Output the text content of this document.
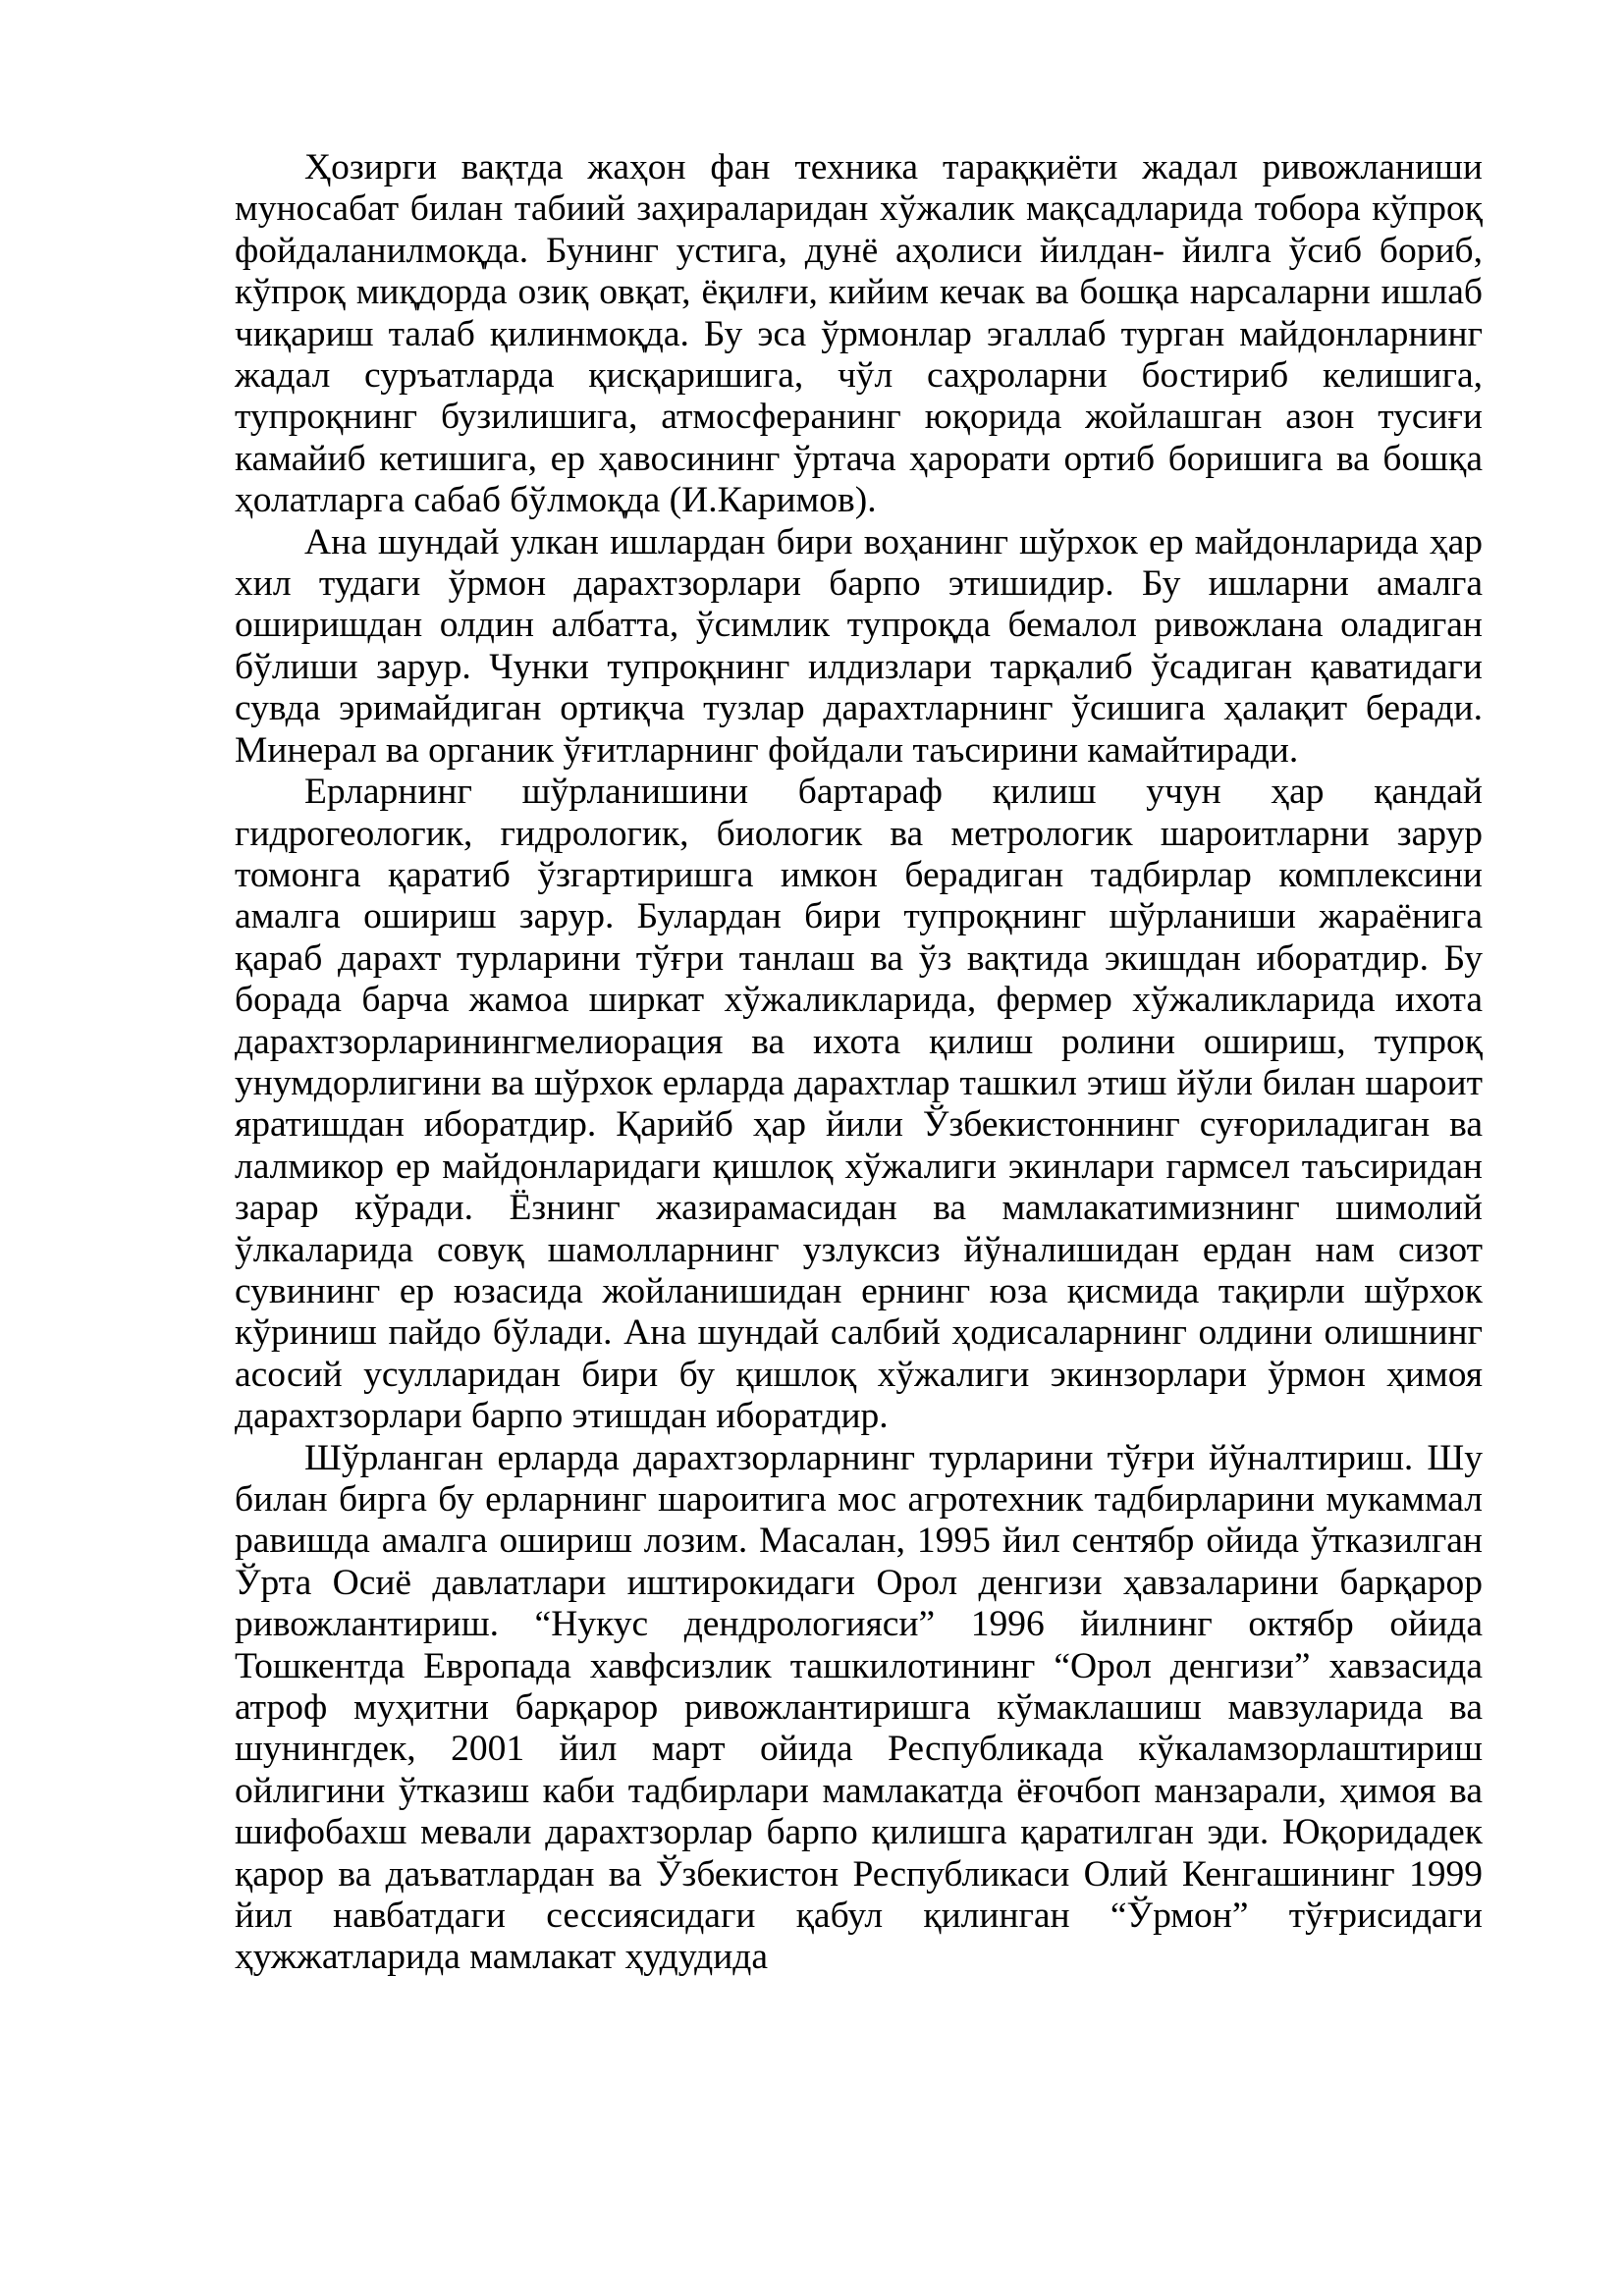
Ҳозирги вақтда жаҳон фан техника тараққиёти жадал ривожланиши муносабат билан табиий заҳираларидан хўжалик мақсадларида тобора кўпроқ фойдаланилмоқда. Бунинг устига, дунё аҳолиси йилдан- йилга ўсиб бориб, кўпроқ миқдорда озиқ овқат, ёқилғи, кийим кечак ва бошқа нарсаларни ишлаб чиқариш талаб қилинмоқда. Бу эса ўрмонлар эгаллаб турган майдонларнинг жадал суръатларда қисқаришига, чўл саҳроларни бостириб келишига, тупроқнинг бузилишига, атмосферанинг юқорида жойлашган азон тусиғи камайиб кетишига, ер ҳавосининг ўртача ҳарорати ортиб боришига ва бошқа ҳолатларга сабаб бўлмоқда (И.Каримов).

Ана шундай улкан ишлардан бири воҳанинг шўрхок ер майдонларида ҳар хил тудаги ўрмон дарахтзорлари барпо этишидир. Бу ишларни амалга оширишдан олдин албатта, ўсимлик тупроқда бемалол ривожлана оладиган бўлиши зарур. Чунки тупроқнинг илдизлари тарқалиб ўсадиган қаватидаги сувда эримайдиган ортиқча тузлар дарахтларнинг ўсишига ҳалақит беради. Минерал ва органик ўғитларнинг фойдали таъсирини камайтиради.

Ерларнинг шўрланишини бартараф қилиш учун ҳар қандай гидрогеологик, гидрологик, биологик ва метрологик шароитларни зарур томонга қаратиб ўзгартиришга имкон берадиган тадбирлар комплексини амалга ошириш зарур. Булардан бири тупроқнинг шўрланиши жараёнига қараб дарахт турларини тўғри танлаш ва ўз вақтида экишдан иборатдир. Бу борада барча жамоа ширкат хўжаликларида, фермер хўжаликларида ихота дарахтзорларинингмелиорация ва ихота қилиш ролини ошириш, тупроқ унумдорлигини ва шўрхок ерларда дарахтлар ташкил этиш йўли билан шароит яратишдан иборатдир. Қарийб ҳар йили Ўзбекистоннинг суғориладиган ва лалмикор ер майдонларидаги қишлоқ хўжалиги экинлари гармсел таъсиридан зарар кўради. Ёзнинг жазирамасидан ва мамлакатимизнинг шимолий ўлкаларида совуқ шамолларнинг узлуксиз йўналишидан ердан нам сизот сувининг ер юзасида жойланишидан ернинг юза қисмида тақирли шўрхок кўриниш пайдо бўлади. Ана шундай салбий ҳодисаларнинг олдини олишнинг асосий усулларидан бири бу қишлоқ хўжалиги экинзорлари ўрмон ҳимоя дарахтзорлари барпо этишдан иборатдир.

Шўрланган ерларда дарахтзорларнинг турларини тўғри йўналтириш. Шу билан бирга бу ерларнинг шароитига мос агротехник тадбирларини мукаммал равишда амалга ошириш лозим. Масалан, 1995 йил сентябр ойида ўтказилган Ўрта Осиё давлатлари иштирокидаги Орол денгизи ҳавзаларини барқарор ривожлантириш. “Нукус дендрологияси” 1996 йилнинг октябр ойида Тошкентда Европада хавфсизлик ташкилотининг “Орол денгизи” хавзасида атроф муҳитни барқарор ривожлантиришга кўмаклашиш мавзуларида ва шунингдек, 2001 йил март ойида Республикада кўкаламзорлаштириш ойлигини ўтказиш каби тадбирлари мамлакатда ёғочбоп манзарали, ҳимоя ва шифобахш мевали дарахтзорлар барпо қилишга қаратилган эди. Юқоридадек қарор ва даъватлардан ва Ўзбекистон Республикаси Олий Кенгашининг 1999 йил навбатдаги сессиясидаги қабул қилинган “Ўрмон” тўғрисидаги ҳужжатларида мамлакат ҳудудида
